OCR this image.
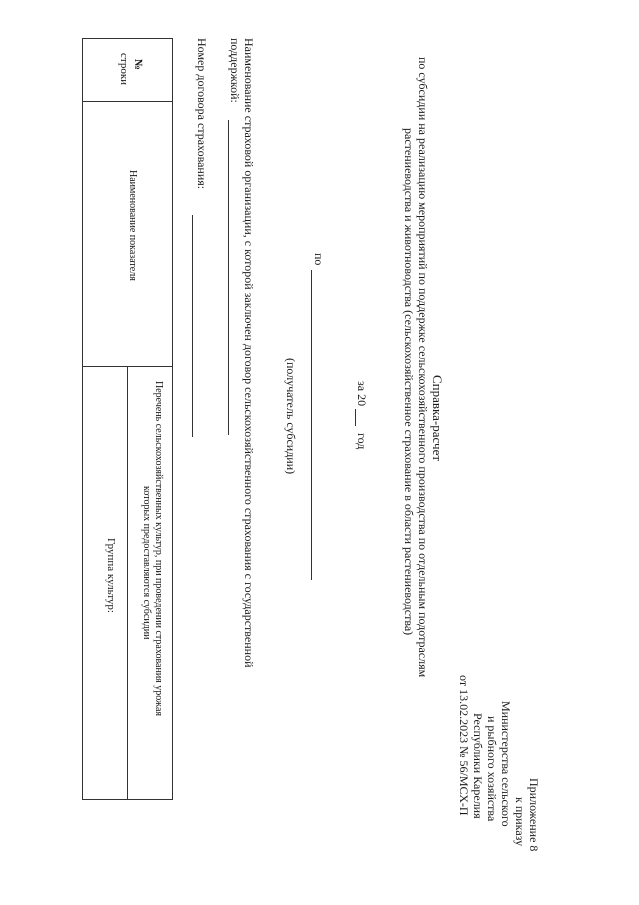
Приложение 8
к приказу
Министерства сельского
и рыбного хозяйства
Республики Карелия
от 13.02.2023 № 56/МСХ-П
Справка-расчет
по субсидии на реализацию мероприятий по поддержке сельскохозяйственного производства по отдельным подотраслям
растениеводства и животноводства (сельскохозяйственное страхование в области растениеводства)
за 20
год
по
(получатель субсидии)
Наименование страховой организации, с которой заключен договор сельскохозяйственного страхования с государственной
поддержкой:
Номер договора страхования:
№
строки
Наименование показателя
Перечень сельскохозяйственных культур, при проведении страхования урожая
которых предоставляются субсидии
Группа культур:
